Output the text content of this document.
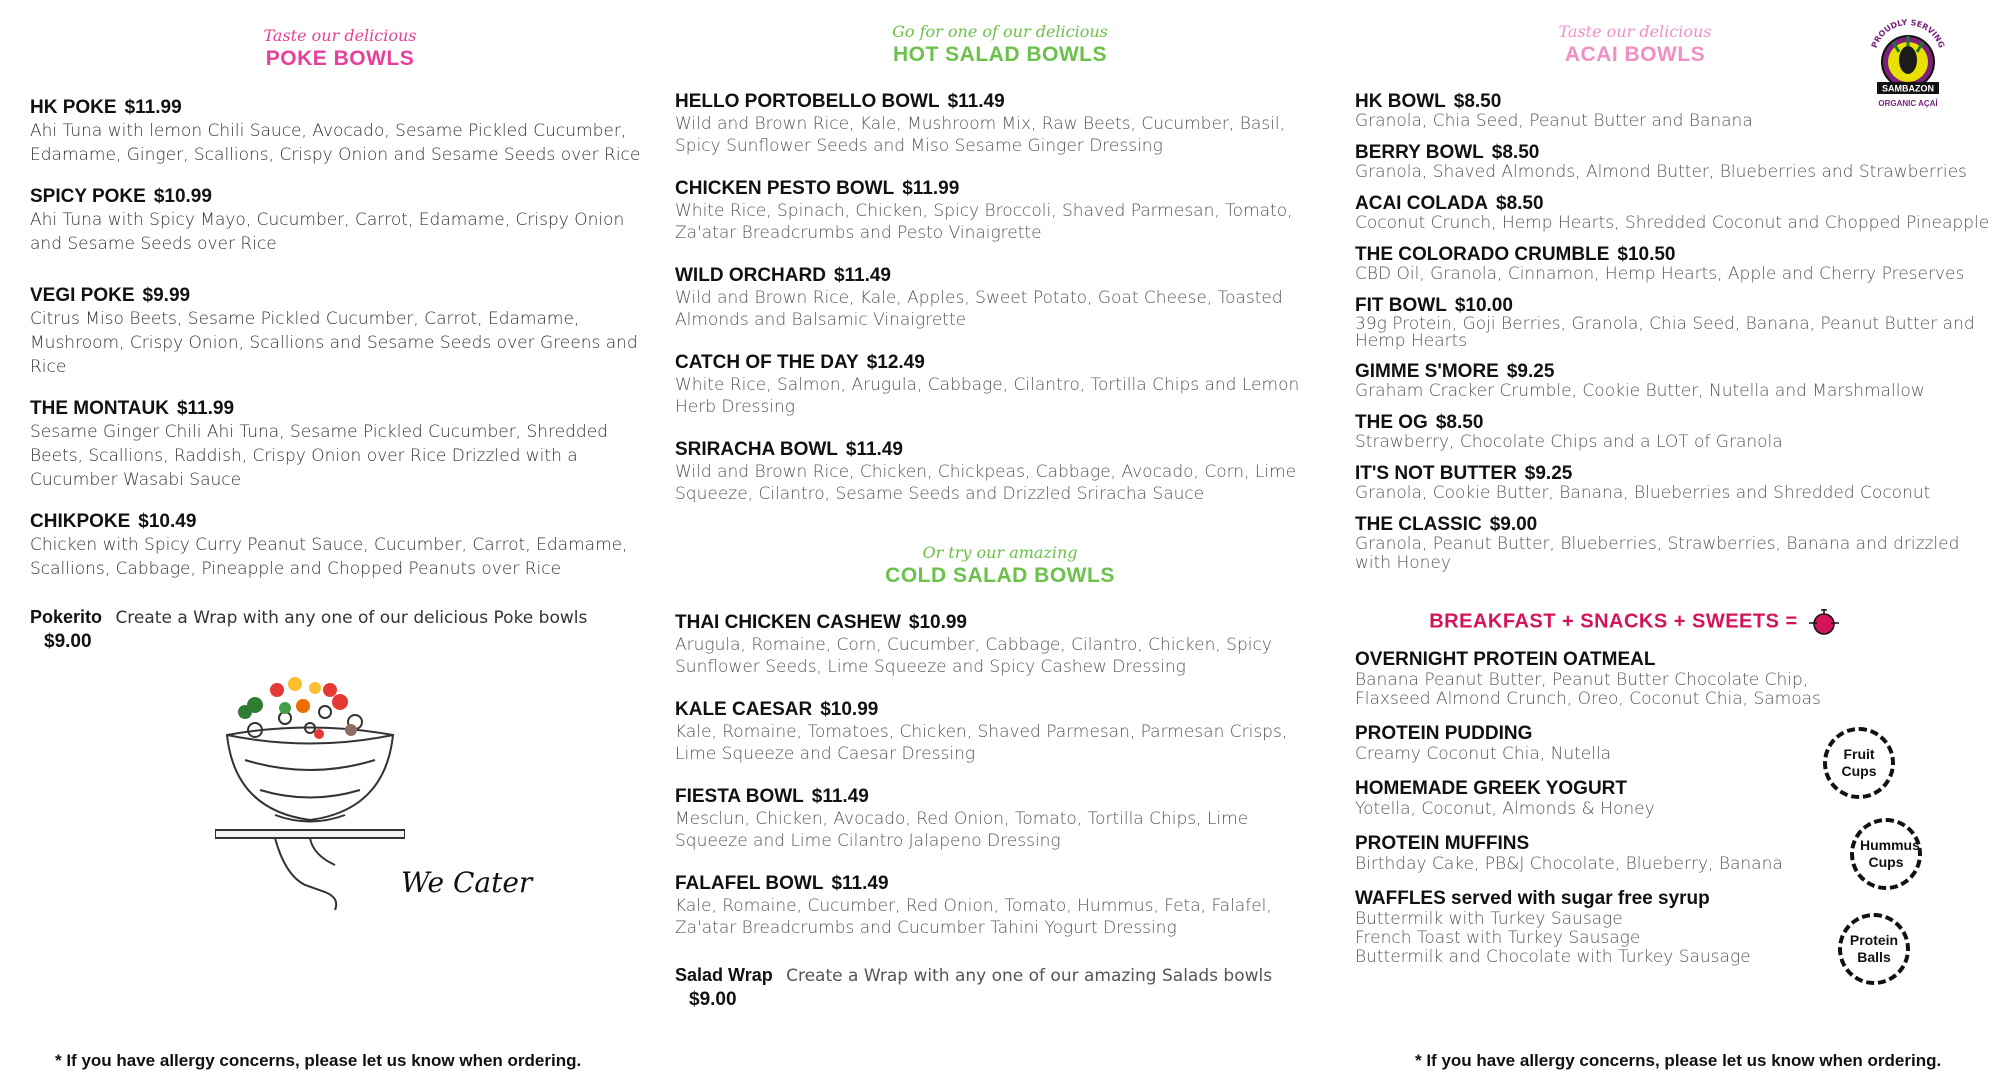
Taste our delicious
POKE BOWLS
HK POKE $11.99
Ahi Tuna with lemon Chili Sauce, Avocado, Sesame Pickled Cucumber, Edamame, Ginger, Scallions, Crispy Onion and Sesame Seeds over Rice
SPICY POKE $10.99
Ahi Tuna with Spicy Mayo, Cucumber, Carrot, Edamame, Crispy Onion and Sesame Seeds over Rice
VEGI POKE $9.99
Citrus Miso Beets, Sesame Pickled Cucumber, Carrot, Edamame, Mushroom, Crispy Onion, Scallions and Sesame Seeds over Greens and Rice
THE MONTAUK $11.99
Sesame Ginger Chili Ahi Tuna, Sesame Pickled Cucumber, Shredded Beets, Scallions, Raddish, Crispy Onion over Rice Drizzled with a Cucumber Wasabi Sauce
CHIKPOKE $10.49
Chicken with Spicy Curry Peanut Sauce, Cucumber, Carrot, Edamame, Scallions, Cabbage, Pineapple and Chopped Peanuts over Rice
Pokerito Create a Wrap with any one of our delicious Poke bowls $9.00
We Cater
Go for one of our delicious
HOT SALAD BOWLS
HELLO PORTOBELLO BOWL $11.49
Wild and Brown Rice, Kale, Mushroom Mix, Raw Beets, Cucumber, Basil, Spicy Sunflower Seeds and Miso Sesame Ginger Dressing
CHICKEN PESTO BOWL $11.99
White Rice, Spinach, Chicken, Spicy Broccoli, Shaved Parmesan, Tomato, Za'atar Breadcrumbs and Pesto Vinaigrette
WILD ORCHARD $11.49
Wild and Brown Rice, Kale, Apples, Sweet Potato, Goat Cheese, Toasted Almonds and Balsamic Vinaigrette
CATCH OF THE DAY $12.49
White Rice, Salmon, Arugula, Cabbage, Cilantro, Tortilla Chips and Lemon Herb Dressing
SRIRACHA BOWL $11.49
Wild and Brown Rice, Chicken, Chickpeas, Cabbage, Avocado, Corn, Lime Squeeze, Cilantro, Sesame Seeds and Drizzled Sriracha Sauce
Or try our amazing
COLD SALAD BOWLS
THAI CHICKEN CASHEW $10.99
Arugula, Romaine, Corn, Cucumber, Cabbage, Cilantro, Chicken, Spicy Sunflower Seeds, Lime Squeeze and Spicy Cashew Dressing
KALE CAESAR $10.99
Kale, Romaine, Tomatoes, Chicken, Shaved Parmesan, Parmesan Crisps, Lime Squeeze and Caesar Dressing
FIESTA BOWL $11.49
Mesclun, Chicken, Avocado, Red Onion, Tomato, Tortilla Chips, Lime Squeeze and Lime Cilantro Jalapeno Dressing
FALAFEL BOWL $11.49
Kale, Romaine, Cucumber, Red Onion, Tomato, Hummus, Feta, Falafel, Za'atar Breadcrumbs and Cucumber Tahini Yogurt Dressing
Salad Wrap Create a Wrap with any one of our amazing Salads bowls $9.00
Taste our delicious
ACAI BOWLS
HK BOWL $8.50
Granola, Chia Seed, Peanut Butter and Banana
BERRY BOWL $8.50
Granola, Shaved Almonds, Almond Butter, Blueberries and Strawberries
ACAI COLADA $8.50
Coconut Crunch, Hemp Hearts, Shredded Coconut and Chopped Pineapple
THE COLORADO CRUMBLE $10.50
CBD Oil, Granola, Cinnamon, Hemp Hearts, Apple and Cherry Preserves
FIT BOWL $10.00
39g Protein, Goji Berries, Granola, Chia Seed, Banana, Peanut Butter and Hemp Hearts
GIMME S'MORE $9.25
Graham Cracker Crumble, Cookie Butter, Nutella and Marshmallow
THE OG $8.50
Strawberry, Chocolate Chips and a LOT of Granola
IT'S NOT BUTTER $9.25
Granola, Cookie Butter, Banana, Blueberries and Shredded Coconut
THE CLASSIC $9.00
Granola, Peanut Butter, Blueberries, Strawberries, Banana and drizzled with Honey
BREAKFAST + SNACKS + SWEETS =
OVERNIGHT PROTEIN OATMEAL
Banana Peanut Butter, Peanut Butter Chocolate Chip,
Flaxseed Almond Crunch, Oreo, Coconut Chia, Samoas
PROTEIN PUDDING
Creamy Coconut Chia, Nutella
HOMEMADE GREEK YOGURT
Yotella, Coconut, Almonds & Honey
PROTEIN MUFFINS
Birthday Cake, PB&J Chocolate, Blueberry, Banana
WAFFLES served with sugar free syrup
Buttermilk with Turkey Sausage
French Toast with Turkey Sausage
Buttermilk and Chocolate with Turkey Sausage
PROUDLY SERVING
SAMBAZON
ORGANIC AÇAÍ
Fruit Cups
Hummus Cups
Protein Balls
* If you have allergy concerns, please let us know when ordering.	* If you have allergy concerns, please let us know when ordering.
